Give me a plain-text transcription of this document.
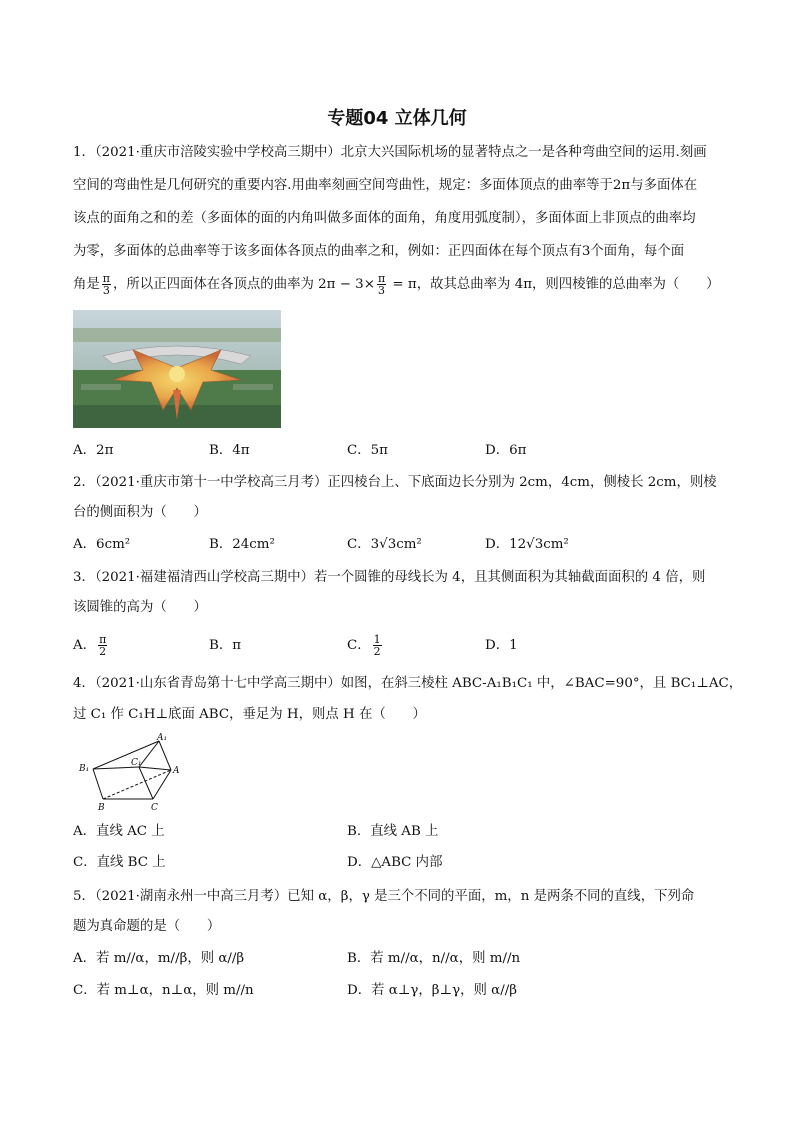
专题04 立体几何
1．（2021·重庆市涪陵实验中学校高三期中）北京大兴国际机场的显著特点之一是各种弯曲空间的运用.刻画
空间的弯曲性是几何研究的重要内容.用曲率刻画空间弯曲性，规定：多面体顶点的曲率等于2π与多面体在
该点的面角之和的差（多面体的面的内角叫做多面体的面角，角度用弧度制），多面体面上非顶点的曲率均
为零，多面体的总曲率等于该多面体各顶点的曲率之和，例如：正四面体在每个顶点有3个面角，每个面
角是 $\frac{\pi}{3}$ ，所以正四面体在各顶点的曲率为 $2\pi - 3\times \frac{\pi}{3} = \pi$，故其总曲率为 4π，则四棱锥的总曲率为（　　）
A．2π	B．4π	C．5π	D．6π
2．（2021·重庆市第十一中学校高三月考）正四棱台上、下底面边长分别为 2cm，4cm，侧棱长 2cm，则棱
台的侧面积为（　　）
A．6cm²	B．24cm²	C．3√3cm²	D．12√3cm²
3．（2021·福建福清西山学校高三期中）若一个圆锥的母线长为 4，且其侧面积为其轴截面面积的 4 倍，则
该圆锥的高为（　　）
A． $\frac{\pi}{2}$	B．π	C． $\frac{1}{2}$	D．1
4．（2021·山东省青岛第十七中学高三期中）如图，在斜三棱柱 ABC-A₁B₁C₁ 中，∠BAC=90°，且 BC₁⊥AC，
过 C₁ 作 C₁H⊥底面 ABC，垂足为 H，则点 H 在（　　）
A₁
B₁
C₁
A
B	C
A．直线 AC 上	B．直线 AB 上
C．直线 BC 上	D．△ABC 内部
5．（2021·湖南永州一中高三月考）已知 α，β，γ 是三个不同的平面，m，n 是两条不同的直线，下列命
题为真命题的是（　　）
A．若 m//α，m//β，则 α//β	B．若 m//α，n//α，则 m//n
C．若 m⊥α，n⊥α，则 m//n	D．若 α⊥γ，β⊥γ，则 α//β
